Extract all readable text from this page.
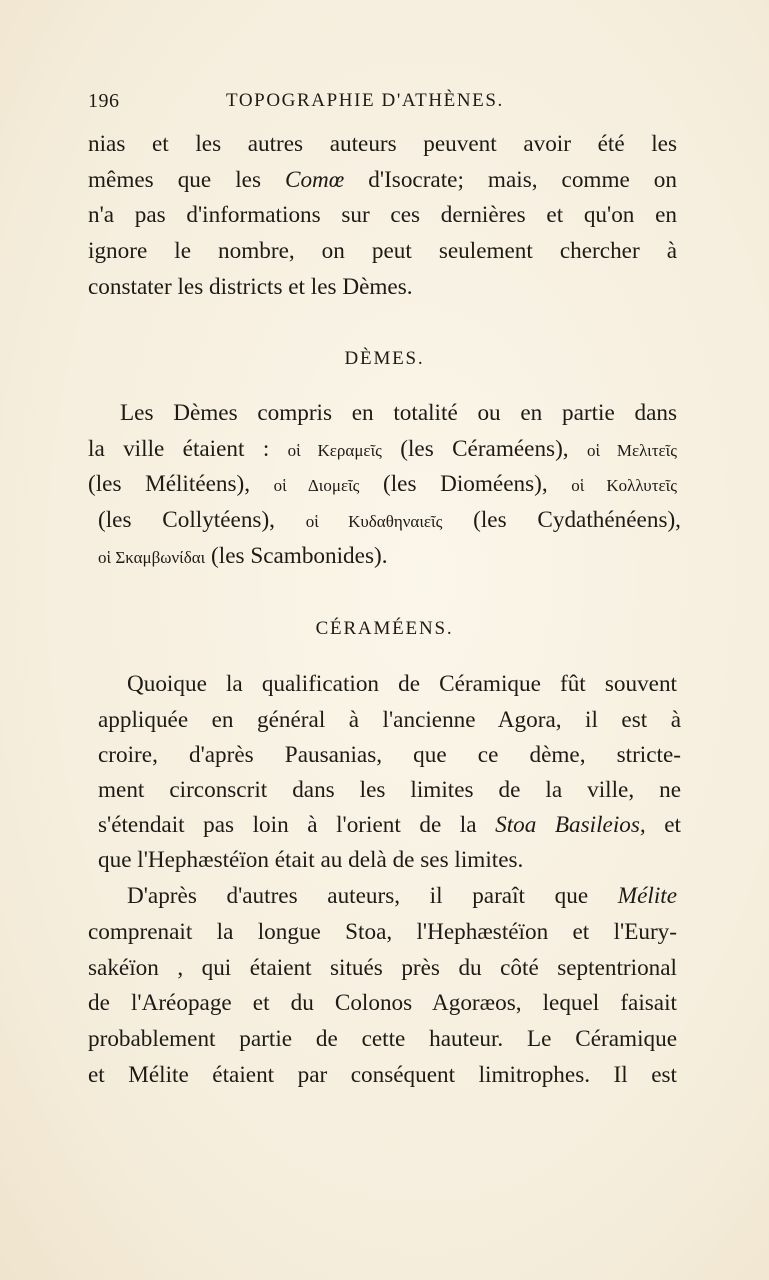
196	TOPOGRAPHIE D'ATHÈNES.
nias et les autres auteurs peuvent avoir été les
mêmes que les Comœ d'Isocrate; mais, comme on
n'a pas d'informations sur ces dernières et qu'on en
ignore le nombre, on peut seulement chercher à
constater les districts et les Dèmes.
DÈMES.
Les Dèmes compris en totalité ou en partie dans
la ville étaient : οἱ Κεραμεῖς (les Céraméens), οἱ Μελιτεῖς
(les Mélitéens), οἱ Διομεῖς (les Dioméens), οἱ Κολλυτεῖς
(les Collytéens), οἱ Κυδαθηναιεῖς (les Cydathénéens),
οἱ Σκαμβωνίδαι (les Scambonides).
CÉRAMÉENS.
Quoique la qualification de Céramique fût souvent
appliquée en général à l'ancienne Agora, il est à
croire, d'après Pausanias, que ce dème, stricte-
ment circonscrit dans les limites de la ville, ne
s'étendait pas loin à l'orient de la Stoa Basileios, et
que l'Hephæstéïon était au delà de ses limites.
D'après d'autres auteurs, il paraît que Mélite
comprenait la longue Stoa, l'Hephæstéïon et l'Eury-
sakéïon , qui étaient situés près du côté septentrional
de l'Aréopage et du Colonos Agoræos, lequel faisait
probablement partie de cette hauteur. Le Céramique
et Mélite étaient par conséquent limitrophes. Il est
